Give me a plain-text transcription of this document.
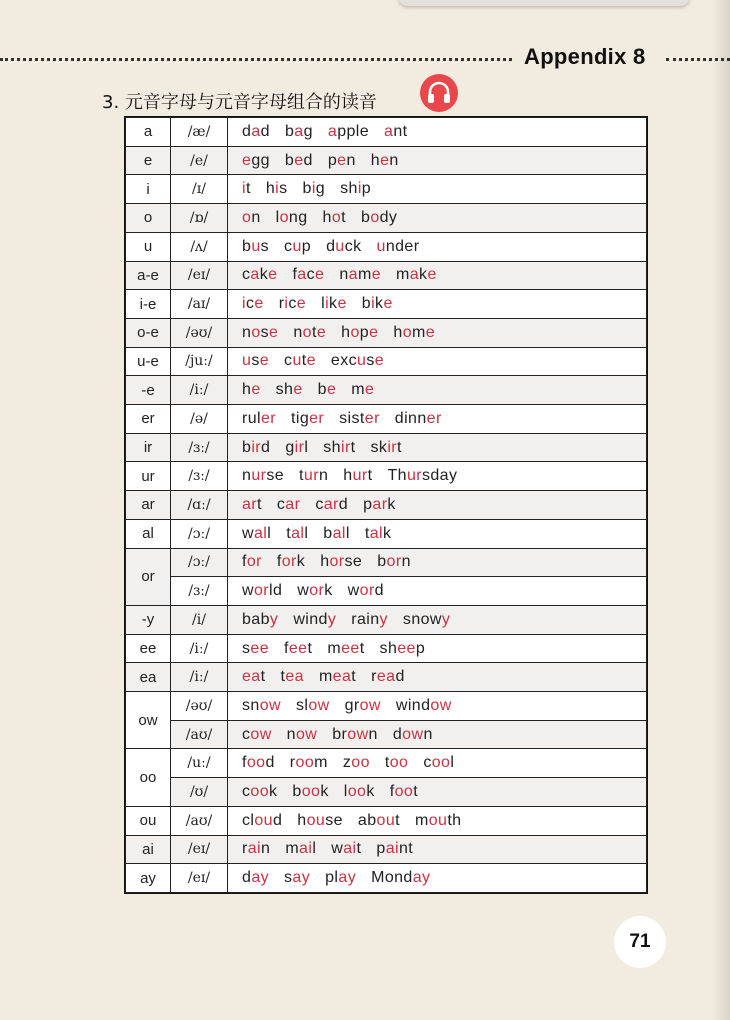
Appendix 8
3. 元音字母与元音字母组合的读音
a	/æ/	dad bag apple ant
e	/e/	egg bed pen hen
i	/ɪ/	it his big ship
o	/ɒ/	on long hot body
u	/ʌ/	bus cup duck under
a-e	/eɪ/	cake face name make
i-e	/aɪ/	ice rice like bike
o-e	/əʊ/	nose note hope home
u-e	/juː/	use cute excuse
-e	/iː/	he she be me
er	/ə/	ruler tiger sister dinner
ir	/ɜː/	bird girl shirt skirt
ur	/ɜː/	nurse turn hurt Thursday
ar	/ɑː/	art car card park
al	/ɔː/	wall tall ball talk
or	/ɔː/	for fork horse born
	/ɜː/	world work word
-y	/i/	baby windy rainy snowy
ee	/iː/	see feet meet sheep
ea	/iː/	eat tea meat read
ow	/əʊ/	snow slow grow window
	/aʊ/	cow now brown down
oo	/uː/	food room zoo too cool
	/ʊ/	cook book look foot
ou	/aʊ/	cloud house about mouth
ai	/eɪ/	rain mail wait paint
ay	/eɪ/	day say play Monday
71
